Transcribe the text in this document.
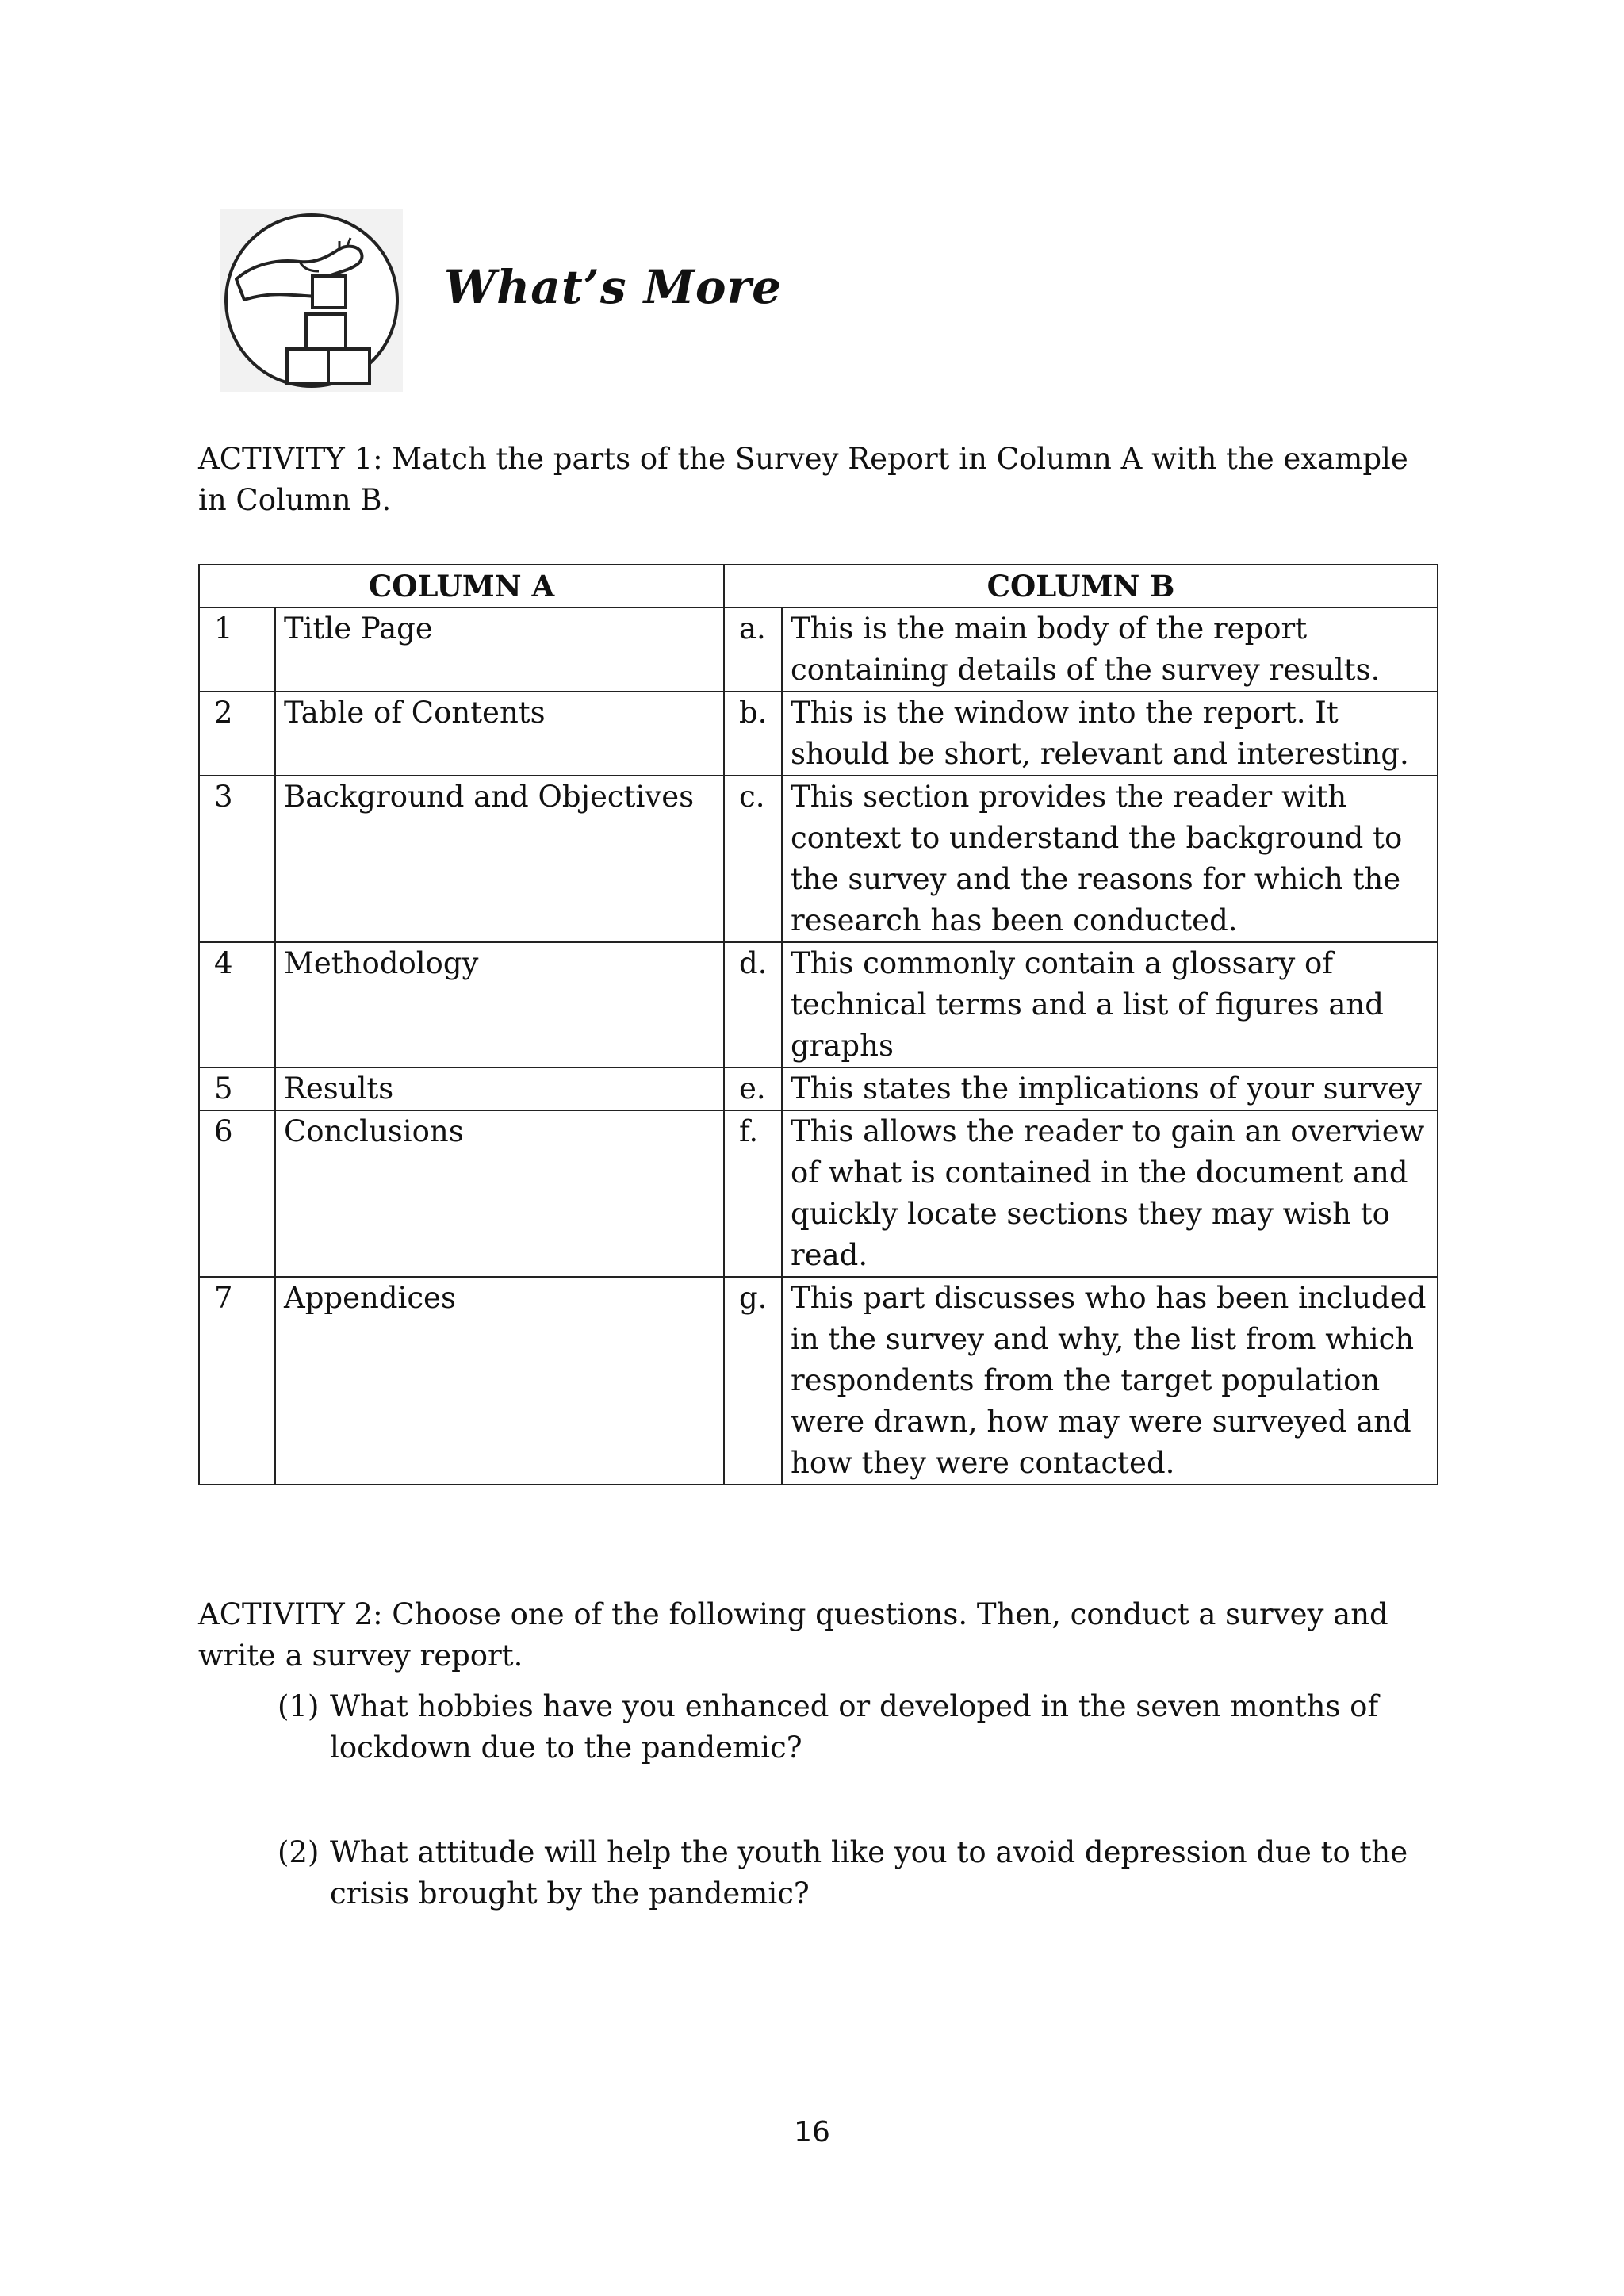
What’s More
ACTIVITY 1: Match the parts of the Survey Report in Column A with the example in Column B.
COLUMN A		COLUMN B	
1	Title Page	a.	This is the main body of the report containing details of the survey results.
2	Table of Contents	b.	This is the window into the report. It should be short, relevant and interesting.
3	Background and Objectives	c.	This section provides the reader with context to understand the background to the survey and the reasons for which the research has been conducted.
4	Methodology	d.	This commonly contain a glossary of technical terms and a list of figures and graphs
5	Results	e.	This states the implications of your survey
6	Conclusions	f.	This allows the reader to gain an overview of what is contained in the document and quickly locate sections they may wish to read.
7	Appendices	g.	This part discusses who has been included in the survey and why, the list from which respondents from the target population were drawn, how may were surveyed and how they were contacted.
ACTIVITY 2: Choose one of the following questions. Then, conduct a survey and write a survey report.
(1) What hobbies have you enhanced or developed in the seven months of lockdown due to the pandemic?
(2) What attitude will help the youth like you to avoid depression due to the crisis brought by the pandemic?
16
